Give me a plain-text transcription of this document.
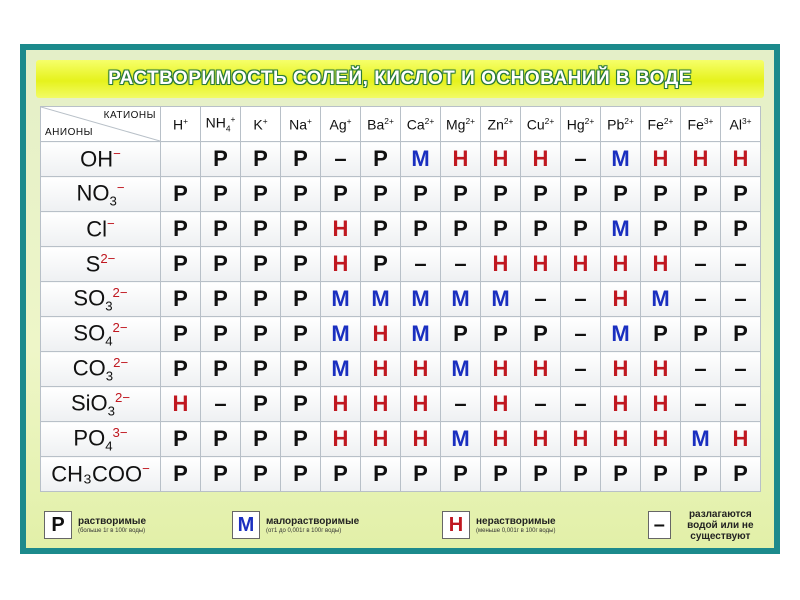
РАСТВОРИМОСТЬ СОЛЕЙ, КИСЛОТ И ОСНОВАНИЙ В ВОДЕ
КАТИОНЫ
АНИОНЫ	H+	$NH_4^+$	K+	Na+	Ag+	$Ba^{2+}$	$Ca^{2+}$	$Mg^{2+}$	$Zn^{2+}$	$Cu^{2+}$	$Hg^{2+}$	$Pb^{2+}$	$Fe^{2+}$	$Fe^{3+}$	$Al^{3+}$
OH−		Р	Р	Р	–	Р	М	Н	Н	Н	–	М	Н	Н	Н
$NO_3^-$	Р	Р	Р	Р	Р	Р	Р	Р	Р	Р	Р	Р	Р	Р	Р
Cl−	Р	Р	Р	Р	Н	Р	Р	Р	Р	Р	Р	М	Р	Р	Р
$S^{2-}$	Р	Р	Р	Р	Н	Р	–	–	Н	Н	Н	Н	Н	–	–
$SO_3^{2-}$	Р	Р	Р	Р	М	М	М	М	М	–	–	Н	М	–	–
$SO_4^{2-}$	Р	Р	Р	Р	М	Н	М	Р	Р	Р	–	М	Р	Р	Р
$CO_3^{2-}$	Р	Р	Р	Р	М	Н	Н	М	Н	Н	–	Н	Н	–	–
SiO$_3^{2-}$	Н	–	Р	Р	Н	Н	Н	–	Н	–	–	Н	Н	–	–
$PO_4^{3-}$	Р	Р	Р	Р	Н	Н	Н	М	Н	Н	Н	Н	Н	М	Н
CH₃COO−	Р	Р	Р	Р	Р	Р	Р	Р	Р	Р	Р	Р	Р	Р	Р
Р	растворимые
(больше 1г в 100г воды)	М	малорастворимые
(от1 до 0,001г в 100г воды)	Н	нерастворимые
(меньше 0,001г в 100г воды)	–	разлагаются водой или не существуют
